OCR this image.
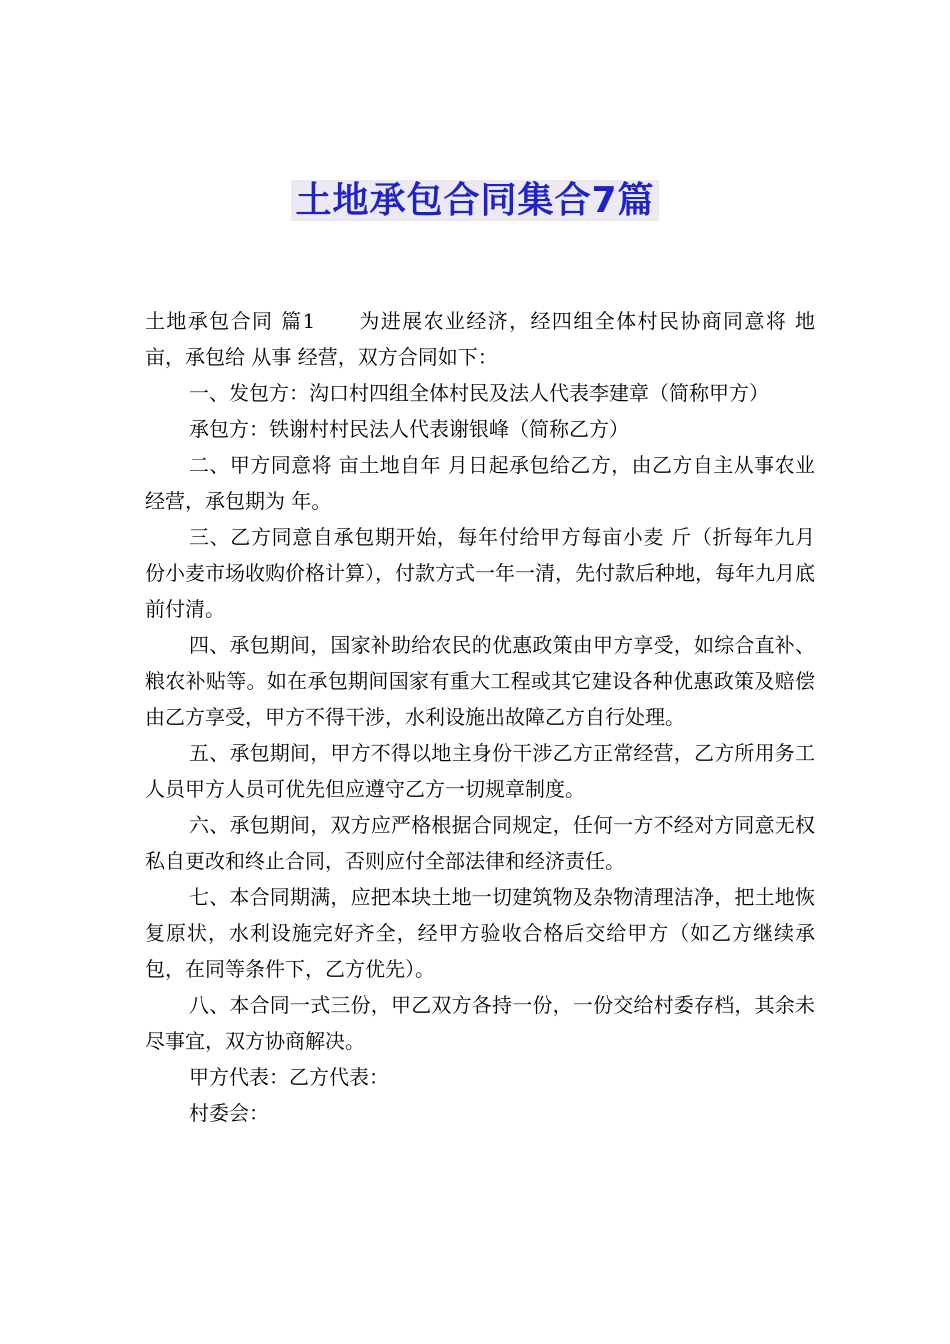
土地承包合同集合7篇

土地承包合同 篇1　　为进展农业经济，经四组全体村民协商同意将 地 亩，承包给 从事 经营，双方合同如下：

一、发包方：沟口村四组全体村民及法人代表李建章（简称甲方）

承包方：铁谢村村民法人代表谢银峰（简称乙方）

二、甲方同意将 亩土地自年 月日起承包给乙方，由乙方自主从事农业经营，承包期为 年。

三、乙方同意自承包期开始，每年付给甲方每亩小麦 斤（折每年九月份小麦市场收购价格计算），付款方式一年一清，先付款后种地，每年九月底前付清。

四、承包期间，国家补助给农民的优惠政策由甲方享受，如综合直补、粮农补贴等。如在承包期间国家有重大工程或其它建设各种优惠政策及赔偿由乙方享受，甲方不得干涉，水利设施出故障乙方自行处理。

五、承包期间，甲方不得以地主身份干涉乙方正常经营，乙方所用务工人员甲方人员可优先但应遵守乙方一切规章制度。

六、承包期间，双方应严格根据合同规定，任何一方不经对方同意无权私自更改和终止合同，否则应付全部法律和经济责任。

七、本合同期满，应把本块土地一切建筑物及杂物清理洁净，把土地恢复原状，水利设施完好齐全，经甲方验收合格后交给甲方（如乙方继续承包，在同等条件下，乙方优先）。

八、本合同一式三份，甲乙双方各持一份，一份交给村委存档，其余未尽事宜，双方协商解决。

甲方代表：乙方代表：

村委会：
